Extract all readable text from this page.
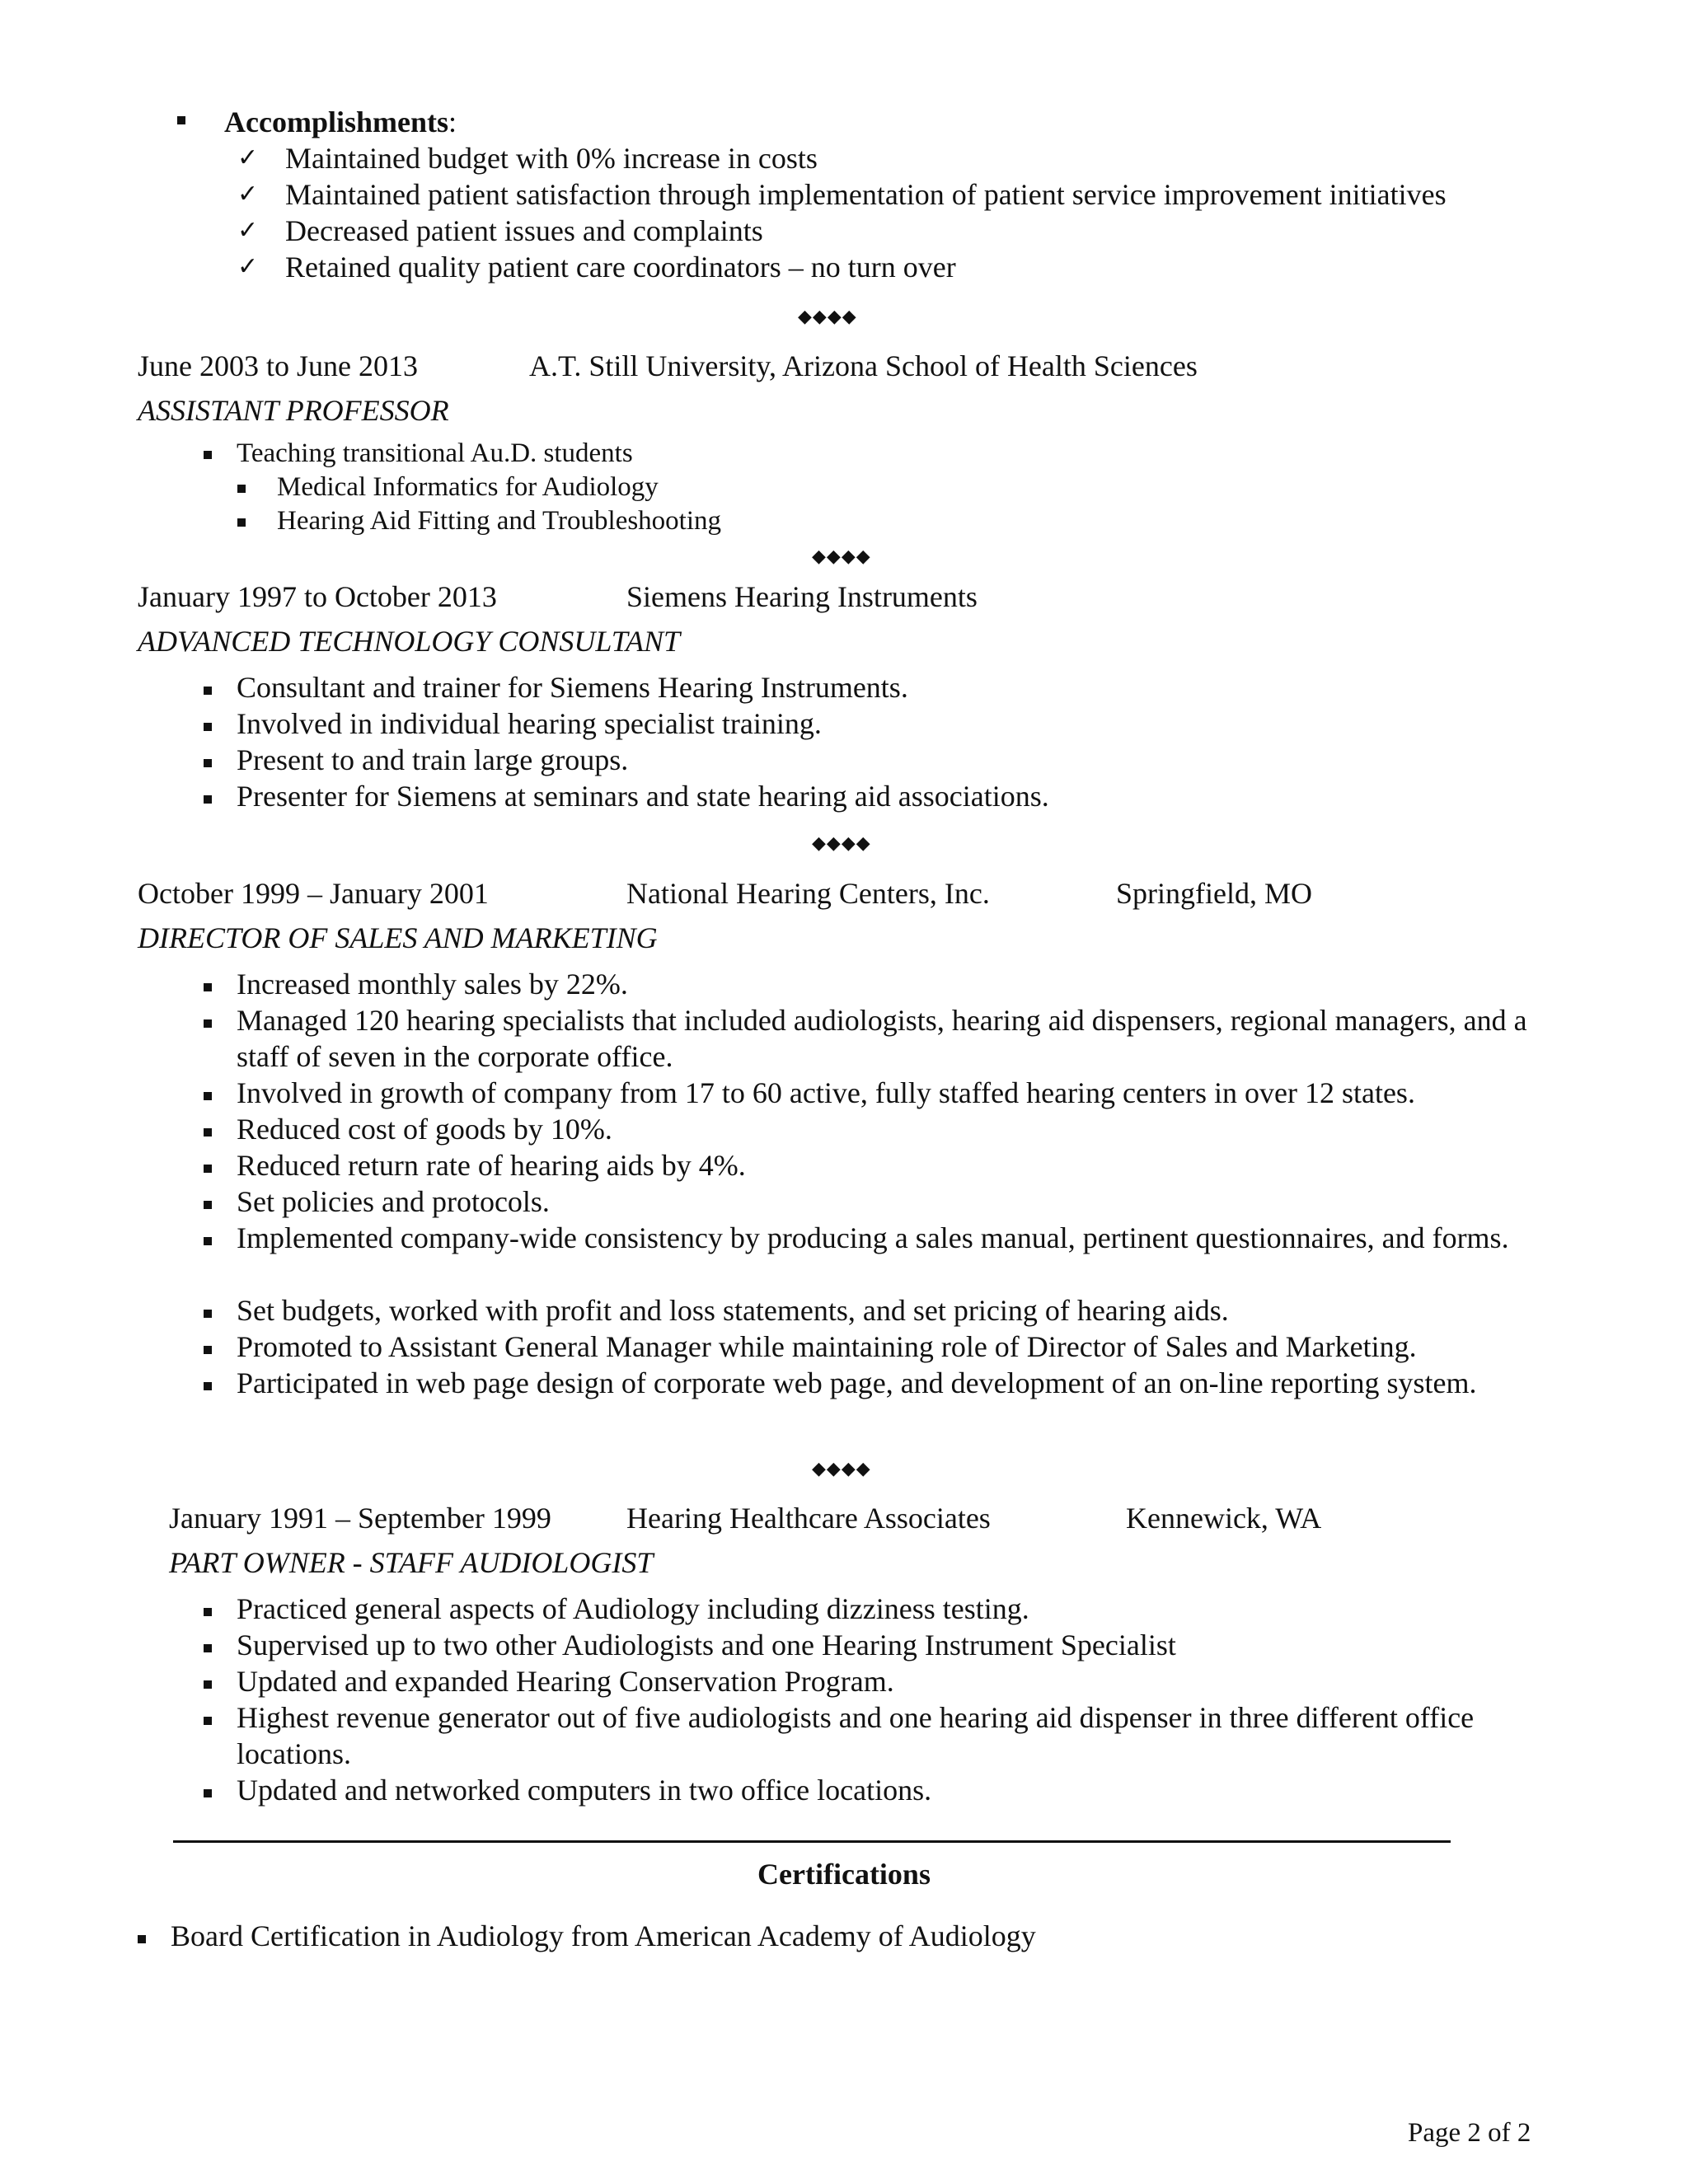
Accomplishments:
✓ Maintained budget with 0% increase in costs
✓ Maintained patient satisfaction through implementation of patient service improvement initiatives
✓ Decreased patient issues and complaints
✓ Retained quality patient care coordinators – no turn over
◆◆◆◆
June 2003 to June 2013	A.T. Still University, Arizona School of Health Sciences
ASSISTANT PROFESSOR
Teaching transitional Au.D. students
Medical Informatics for Audiology
Hearing Aid Fitting and Troubleshooting
◆◆◆◆
January 1997 to October 2013	Siemens Hearing Instruments
ADVANCED TECHNOLOGY CONSULTANT
Consultant and trainer for Siemens Hearing Instruments.
Involved in individual hearing specialist training.
Present to and train large groups.
Presenter for Siemens at seminars and state hearing aid associations.
◆◆◆◆
October 1999 – January 2001	National Hearing Centers, Inc.	Springfield, MO
DIRECTOR OF SALES AND MARKETING
Increased monthly sales by 22%.
Managed 120 hearing specialists that included audiologists, hearing aid dispensers, regional managers, and a staff of seven in the corporate office.
Involved in growth of company from 17 to 60 active, fully staffed hearing centers in over 12 states.
Reduced cost of goods by 10%.
Reduced return rate of hearing aids by 4%.
Set policies and protocols.
Implemented company-wide consistency by producing a sales manual, pertinent questionnaires, and forms.
Set budgets, worked with profit and loss statements, and set pricing of hearing aids.
Promoted to Assistant General Manager while maintaining role of Director of Sales and Marketing.
Participated in web page design of corporate web page, and development of an on-line reporting system.
◆◆◆◆
January 1991 – September 1999	Hearing Healthcare Associates	Kennewick, WA
PART OWNER - STAFF AUDIOLOGIST
Practiced general aspects of Audiology including dizziness testing.
Supervised up to two other Audiologists and one Hearing Instrument Specialist
Updated and expanded Hearing Conservation Program.
Highest revenue generator out of five audiologists and one hearing aid dispenser in three different office locations.
Updated and networked computers in two office locations.
Certifications
Board Certification in Audiology from American Academy of Audiology
Page 2 of 2
